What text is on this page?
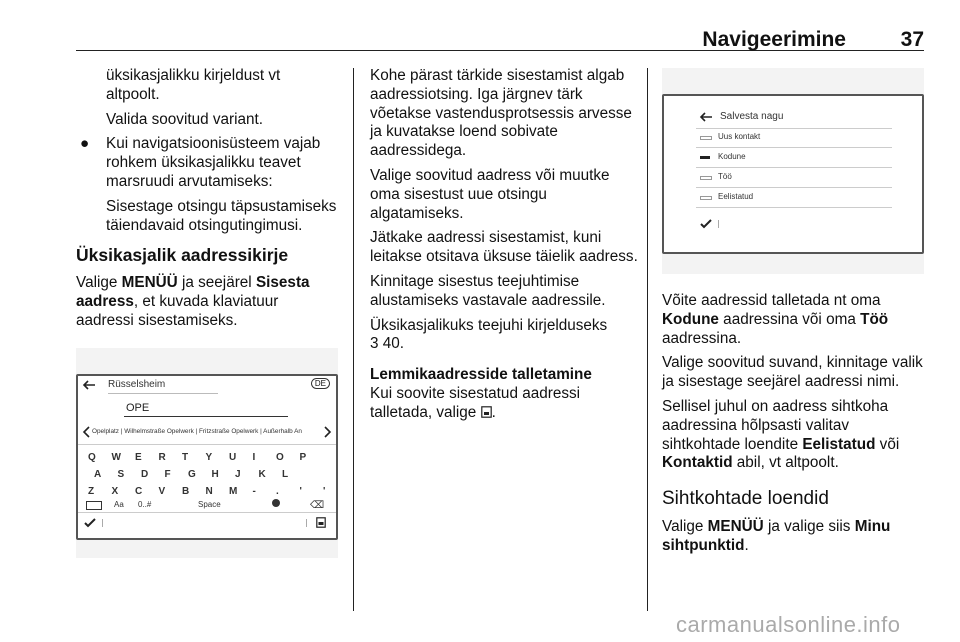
Navigeerimine	37

üksikasjalikku kirjeldust vt altpoolt.

Valida soovitud variant.

● Kui navigatsioonisüsteem vajab rohkem üksikasjalikku teavet marsruudi arvutamiseks:

Sisestage otsingu täpsustamiseks täiendavaid otsingutingimusi.

Üksikasjalik aadressikirje

Valige MENÜÜ ja seejärel Sisesta aadress, et kuvada klaviatuur aadressi sisestamiseks.

Rüsselsheim	DE
OPE
Opelplatz | Wilhelmstraße Opelwerk | Fritzstraße Opelwerk | Außerhalb An
Q W E R T Y U I O P
A S D F G H J K L
Z X C V B N M - . ' '
Aa 0..#	Space	⌫

Kohe pärast tärkide sisestamist algab aadressiotsing. Iga järgnev tärk võetakse vastendusprotsessis arvesse ja kuvatakse loend sobivate aadressidega.

Valige soovitud aadress või muutke oma sisestust uue otsingu algatamiseks.

Jätkake aadressi sisestamist, kuni leitakse otsitava üksuse täielik aadress.

Kinnitage sisestus teejuhtimise alustamiseks vastavale aadressile.

Üksikasjalikuks teejuhi kirjelduseks
3 40.

Lemmikaadresside talletamine

Kui soovite sisestatud aadressi talletada, valige .

Salvesta nagu
Uus kontakt
Kodune
Töö
Eelistatud

Võite aadressid talletada nt oma Kodune aadressina või oma Töö aadressina.

Valige soovitud suvand, kinnitage valik ja sisestage seejärel aadressi nimi.

Sellisel juhul on aadress sihtkoha aadressina hõlpsasti valitav sihtkohtade loendite Eelistatud või Kontaktid abil, vt altpoolt.

Sihtkohtade loendid

Valige MENÜÜ ja valige siis Minu sihtpunktid.

carmanualsonline.info
